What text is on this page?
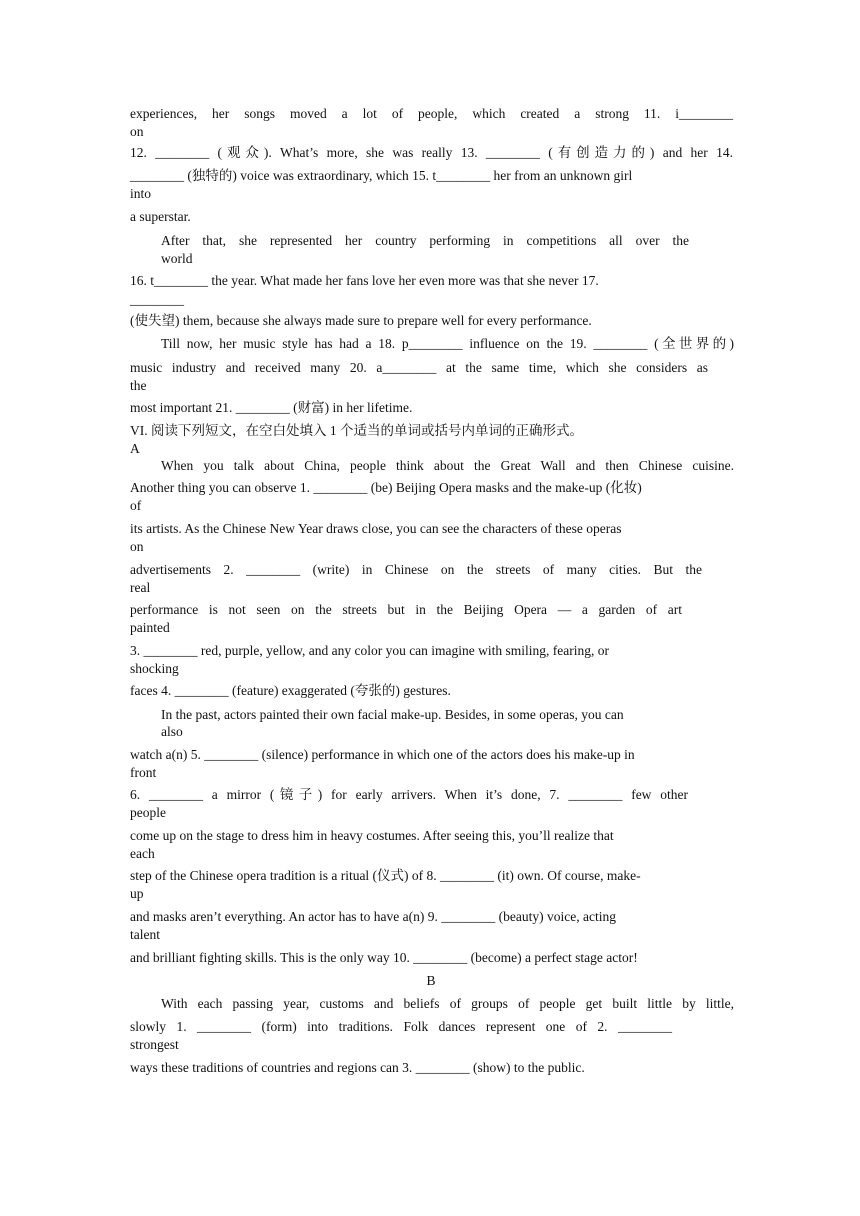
experiences, her songs moved a lot of people, which created a strong 11. i________
on
12. ________ (观众). What’s more, she was really 13. ________ (有创造力的) and her 14.
________ (独特的) voice was extraordinary, which 15. t________ her from an unknown girl
into
a superstar.
After that, she represented her country performing in competitions all over the
world
16. t________ the year. What made her fans love her even more was that she never 17.
________
(使失望) them, because she always made sure to prepare well for every performance.
Till now, her music style has had a 18. p________ influence on the 19. ________ (全世界的)
music industry and received many 20. a________ at the same time, which she considers as
the
most important 21. ________ (财富) in her lifetime.
VI. 阅读下列短文，在空白处填入 1 个适当的单词或括号内单词的正确形式。
A
When you talk about China, people think about the Great Wall and then Chinese cuisine.
Another thing you can observe 1. ________ (be) Beijing Opera masks and the make-up (化妆)
of
its artists. As the Chinese New Year draws close, you can see the characters of these operas
on
advertisements 2. ________ (write) in Chinese on the streets of many cities. But the
real
performance is not seen on the streets but in the Beijing Opera — a garden of art
painted
3. ________ red, purple, yellow, and any color you can imagine with smiling, fearing, or
shocking
faces 4. ________ (feature) exaggerated (夸张的) gestures.
In the past, actors painted their own facial make-up. Besides, in some operas, you can
also
watch a(n) 5. ________ (silence) performance in which one of the actors does his make-up in
front
6. ________ a mirror (镜子) for early arrivers. When it’s done, 7. ________ few other
people
come up on the stage to dress him in heavy costumes. After seeing this, you’ll realize that
each
step of the Chinese opera tradition is a ritual (仪式) of 8. ________ (it) own. Of course, make-
up
and masks aren’t everything. An actor has to have a(n) 9. ________ (beauty) voice, acting
talent
and brilliant fighting skills. This is the only way 10. ________ (become) a perfect stage actor!
B
With each passing year, customs and beliefs of groups of people get built little by little,
slowly 1. ________ (form) into traditions. Folk dances represent one of 2. ________
strongest
ways these traditions of countries and regions can 3. ________ (show) to the public.
